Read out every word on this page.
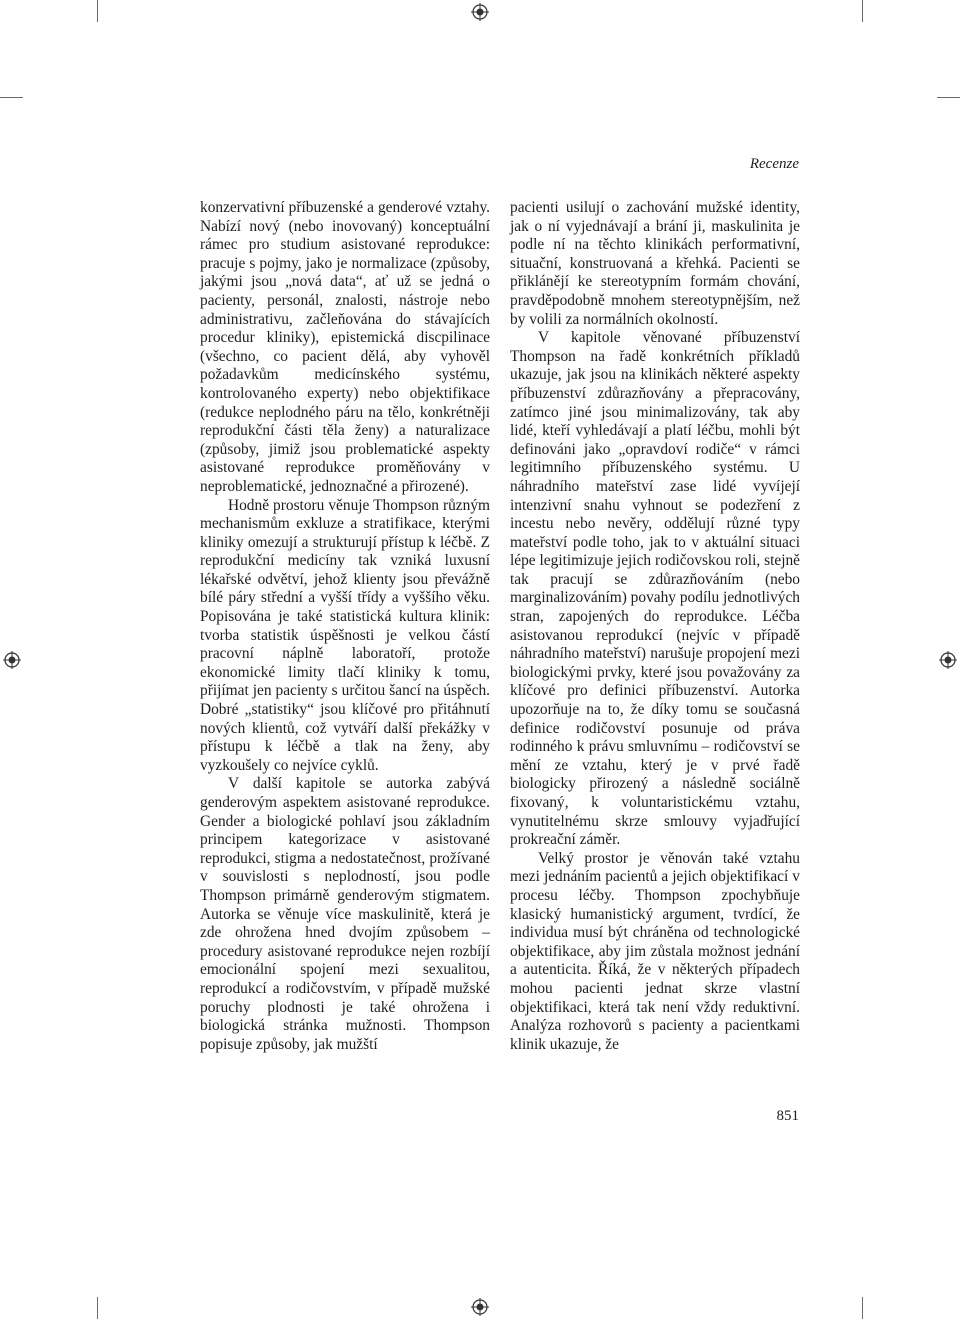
Recenze

konzervativní příbuzenské a genderové vztahy. Nabízí nový (nebo inovovaný) konceptuální rámec pro studium asistované reprodukce: pracuje s pojmy, jako je normalizace (způsoby, jakými jsou „nová data“, ať už se jedná o pacienty, personál, znalosti, nástroje nebo administrativu, začleňována do stávajících procedur kliniky), epistemická discpilinace (všechno, co pacient dělá, aby vyhověl požadavkům medicínského systému, kontrolovaného experty) nebo objektifikace (redukce neplodného páru na tělo, konkrétněji reprodukční části těla ženy) a naturalizace (způsoby, jimiž jsou problematické aspekty asistované reprodukce proměňovány v neproblematické, jednoznačné a přirozené).

Hodně prostoru věnuje Thompson různým mechanismům exkluze a stratifikace, kterými kliniky omezují a strukturují přístup k léčbě. Z reprodukční medicíny tak vzniká luxusní lékařské odvětví, jehož klienty jsou převážně bílé páry střední a vyšší třídy a vyššího věku. Popisována je také statistická kultura klinik: tvorba statistik úspěšnosti je velkou částí pracovní náplně laboratoří, protože ekonomické limity tlačí kliniky k tomu, přijímat jen pacienty s určitou šancí na úspěch. Dobré „statistiky“ jsou klíčové pro přitáhnutí nových klientů, což vytváří další překážky v přístupu k léčbě a tlak na ženy, aby vyzkoušely co nejvíce cyklů.

V další kapitole se autorka zabývá genderovým aspektem asistované reprodukce. Gender a biologické pohlaví jsou základním principem kategorizace v asistované reprodukci, stigma a nedostatečnost, prožívané v souvislosti s neplodností, jsou podle Thompson primárně genderovým stigmatem. Autorka se věnuje více maskulinitě, která je zde ohrožena hned dvojím způsobem – procedury asistované reprodukce nejen rozbíjí emocionální spojení mezi sexualitou, reprodukcí a rodičovstvím, v případě mužské poruchy plodnosti je také ohrožena i biologická stránka mužnosti. Thompson popisuje způsoby, jak mužští

pacienti usilují o zachování mužské identity, jak o ní vyjednávají a brání ji, maskulinita je podle ní na těchto klinikách performativní, situační, konstruovaná a křehká. Pacienti se přiklánějí ke stereotypním formám chování, pravděpodobně mnohem stereotypnějším, než by volili za normálních okolností.

V kapitole věnované příbuzenství Thompson na řadě konkrétních příkladů ukazuje, jak jsou na klinikách některé aspekty příbuzenství zdůrazňovány a přepracovány, zatímco jiné jsou minimalizovány, tak aby lidé, kteří vyhledávají a platí léčbu, mohli být definováni jako „opravdoví rodiče“ v rámci legitimního příbuzenského systému. U náhradního mateřství zase lidé vyvíjejí intenzivní snahu vyhnout se podezření z incestu nebo nevěry, oddělují různé typy mateřství podle toho, jak to v aktuální situaci lépe legitimizuje jejich rodičovskou roli, stejně tak pracují se zdůrazňováním (nebo marginalizováním) povahy podílu jednotlivých stran, zapojených do reprodukce. Léčba asistovanou reprodukcí (nejvíc v případě náhradního mateřství) narušuje propojení mezi biologickými prvky, které jsou považovány za klíčové pro definici příbuzenství. Autorka upozorňuje na to, že díky tomu se současná definice rodičovství posunuje od práva rodinného k právu smluvnímu – rodičovství se mění ze vztahu, který je v prvé řadě biologicky přirozený a následně sociálně fixovaný, k voluntaristickému vztahu, vynutitelnému skrze smlouvy vyjadřující prokreační záměr.

Velký prostor je věnován také vztahu mezi jednáním pacientů a jejich objektifikací v procesu léčby. Thompson zpochybňuje klasický humanistický argument, tvrdící, že individua musí být chráněna od technologické objektifikace, aby jim zůstala možnost jednání a autenticita. Říká, že v některých případech mohou pacienti jednat skrze vlastní objektifikaci, která tak není vždy reduktivní. Analýza rozhovorů s pacienty a pacientkami klinik ukazuje, že

851
